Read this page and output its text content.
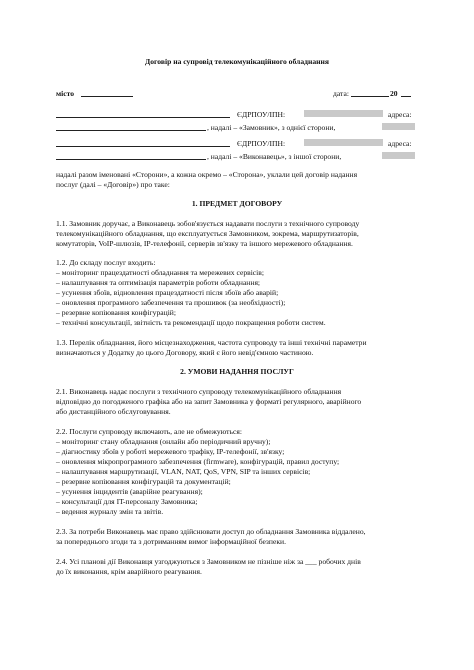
Договір на супровід телекомунікаційного обладнання
місто	дата:	20
ЄДРПОУ/ІПН:	адреса:
, надалі – «Замовник», з однієї сторони,
ЄДРПОУ/ІПН:	адреса:
, надалі – «Виконавець», з іншої сторони,
надалі разом іменовані «Сторони», а кожна окремо – «Сторона», уклали цей договір надання
послуг (далі – «Договір») про таке:
1. ПРЕДМЕТ ДОГОВОРУ
1.1. Замовник доручає, а Виконавець зобов'язується надавати послуги з технічного супроводу
телекомунікаційного обладнання, що експлуатується Замовником, зокрема, маршрутизаторів,
комутаторів, VoIP-шлюзів, IP-телефонії, серверів зв'язку та іншого мережевого обладнання.
1.2. До складу послуг входить:
– моніторинг працездатності обладнання та мережевих сервісів;
– налаштування та оптимізація параметрів роботи обладнання;
– усунення збоїв, відновлення працездатності після збоїв або аварій;
– оновлення програмного забезпечення та прошивок (за необхідності);
– резервне копіювання конфігурацій;
– технічні консультації, звітність та рекомендації щодо покращення роботи систем.
1.3. Перелік обладнання, його місцезнаходження, частота супроводу та інші технічні параметри
визначаються у Додатку до цього Договору, який є його невід'ємною частиною.
2. УМОВИ НАДАННЯ ПОСЛУГ
2.1. Виконавець надає послуги з технічного супроводу телекомунікаційного обладнання
відповідно до погодженого графіка або на запит Замовника у форматі регулярного, аварійного
або дистанційного обслуговування.
2.2. Послуги супроводу включають, але не обмежуються:
– моніторинг стану обладнання (онлайн або періодичний вручну);
– діагностику збоїв у роботі мережевого трафіку, IP-телефонії, зв'язку;
– оновлення мікропрограмного забезпечення (firmware), конфігурацій, правил доступу;
– налаштування маршрутизації, VLAN, NAT, QoS, VPN, SIP та інших сервісів;
– резервне копіювання конфігурацій та документацій;
– усунення інцидентів (аварійне реагування);
– консультації для IT-персоналу Замовника;
– ведення журналу змін та звітів.
2.3. За потреби Виконавець має право здійснювати доступ до обладнання Замовника віддалено,
за попереднього згоди та з дотриманням вимог інформаційної безпеки.
2.4. Усі планові дії Виконавця узгоджуються з Замовником не пізніше ніж за ___ робочих днів
до їх виконання, крім аварійного реагування.
